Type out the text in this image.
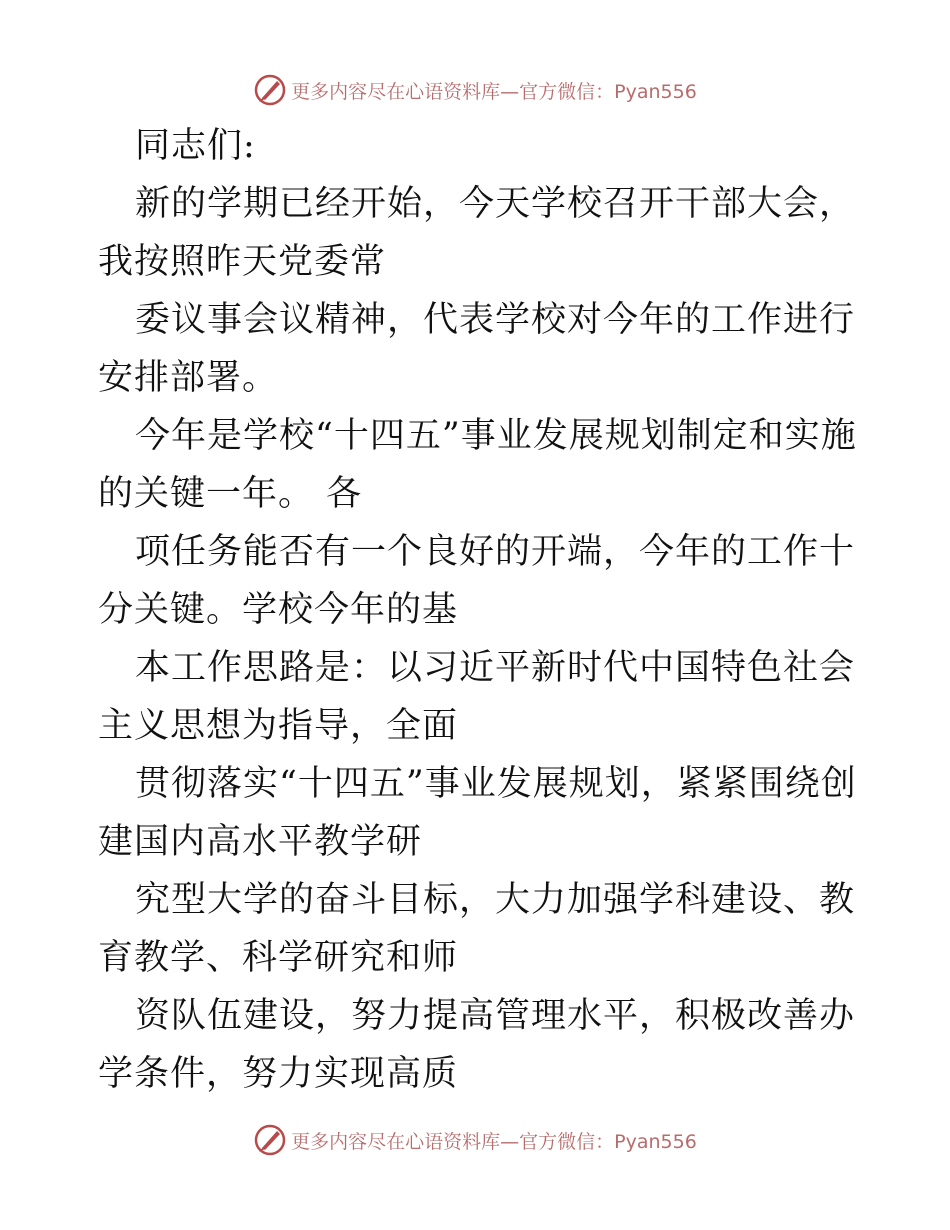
更多内容尽在心语资料库—官方微信：Pyan556

同志们:

新的学期已经开始，今天学校召开干部大会，我按照昨天党委常

委议事会议精神，代表学校对今年的工作进行安排部署。

今年是学校“十四五”事业发展规划制定和实施的关键一年。 各

项任务能否有一个良好的开端，今年的工作十分关键。学校今年的基

本工作思路是：以习近平新时代中国特色社会主义思想为指导，全面

贯彻落实“十四五”事业发展规划，紧紧围绕创建国内高水平教学研

究型大学的奋斗目标，大力加强学科建设、教育教学、科学研究和师

资队伍建设，努力提高管理水平，积极改善办学条件，努力实现高质

更多内容尽在心语资料库—官方微信：Pyan556
